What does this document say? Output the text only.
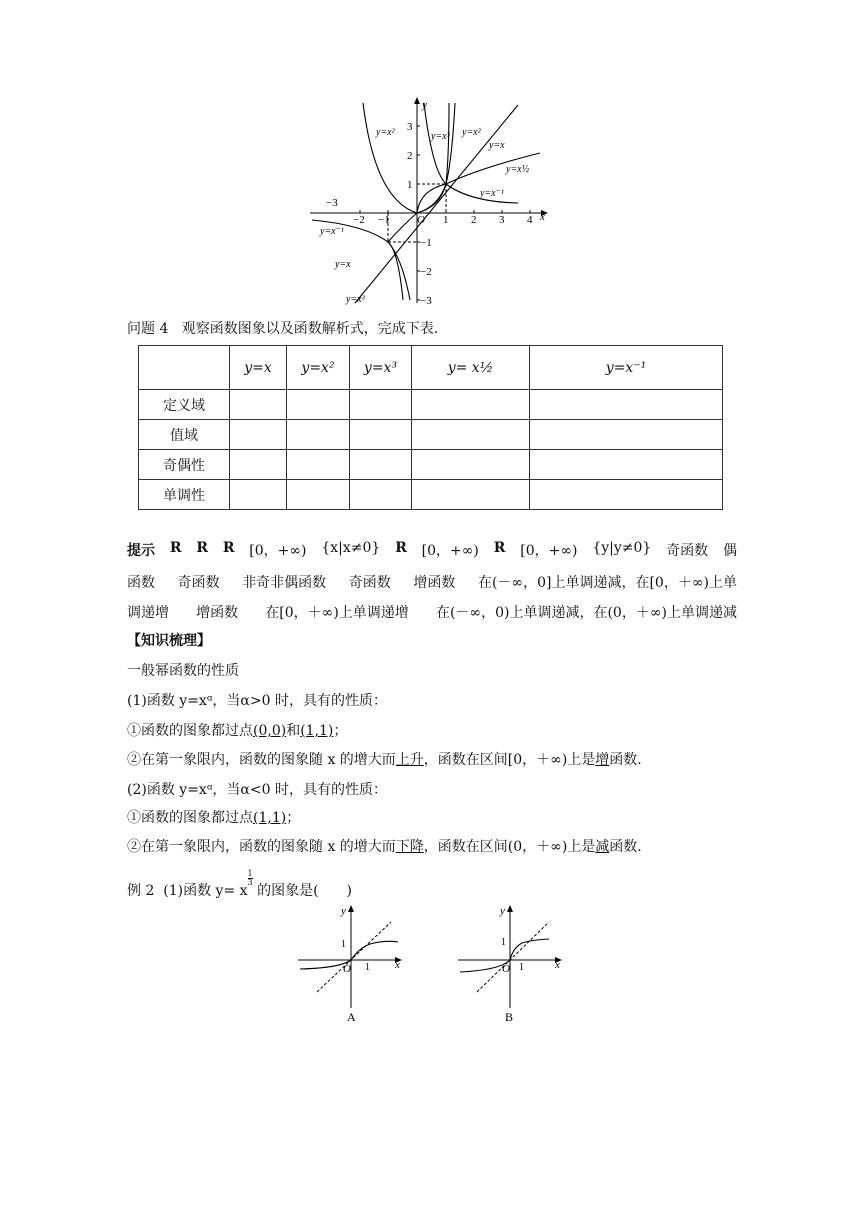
x
y
O
−3
−2 −1	1 2 3 4
3
2
1
−1
−2
−3
y=x²	y=x³ y=x²
y=x
y=x½
y=x⁻¹
y=x⁻¹
y=x
y=x³
问题 4 观察函数图象以及函数解析式，完成下表.
	y=x	y=x²	y=x³	y= x½	y=x⁻¹
定义域					
值域					
奇偶性					
单调性					
提示 R R R [0，+∞) {x|x≠0} R [0，+∞) R [0，+∞) {y|y≠0} 奇函数 偶
函数 奇函数 非奇非偶函数 奇函数 增函数 在(－∞，0]上单调递减，在[0，＋∞)上单
调递增 增函数 在[0，＋∞)上单调递增 在(－∞，0)上单调递减，在(0，＋∞)上单调递减
【知识梳理】
一般幂函数的性质
(1)函数 y=xᵅ，当α>0 时，具有的性质：
①函数的图象都过点(0,0)和(1,1)；
②在第一象限内，函数的图象随 x 的增大而上升，函数在区间[0，＋∞)上是增函数.
(2)函数 y=xᵅ，当α<0 时，具有的性质：
①函数的图象都过点(1,1)；
②在第一象限内，函数的图象随 x 的增大而下降，函数在区间(0，＋∞)上是减函数.
例 2 (1)函数 y= x
$\frac{1}{3}$
的图象是(　　)
y
x
O 1
1
A
y
x
O 1
1
B
